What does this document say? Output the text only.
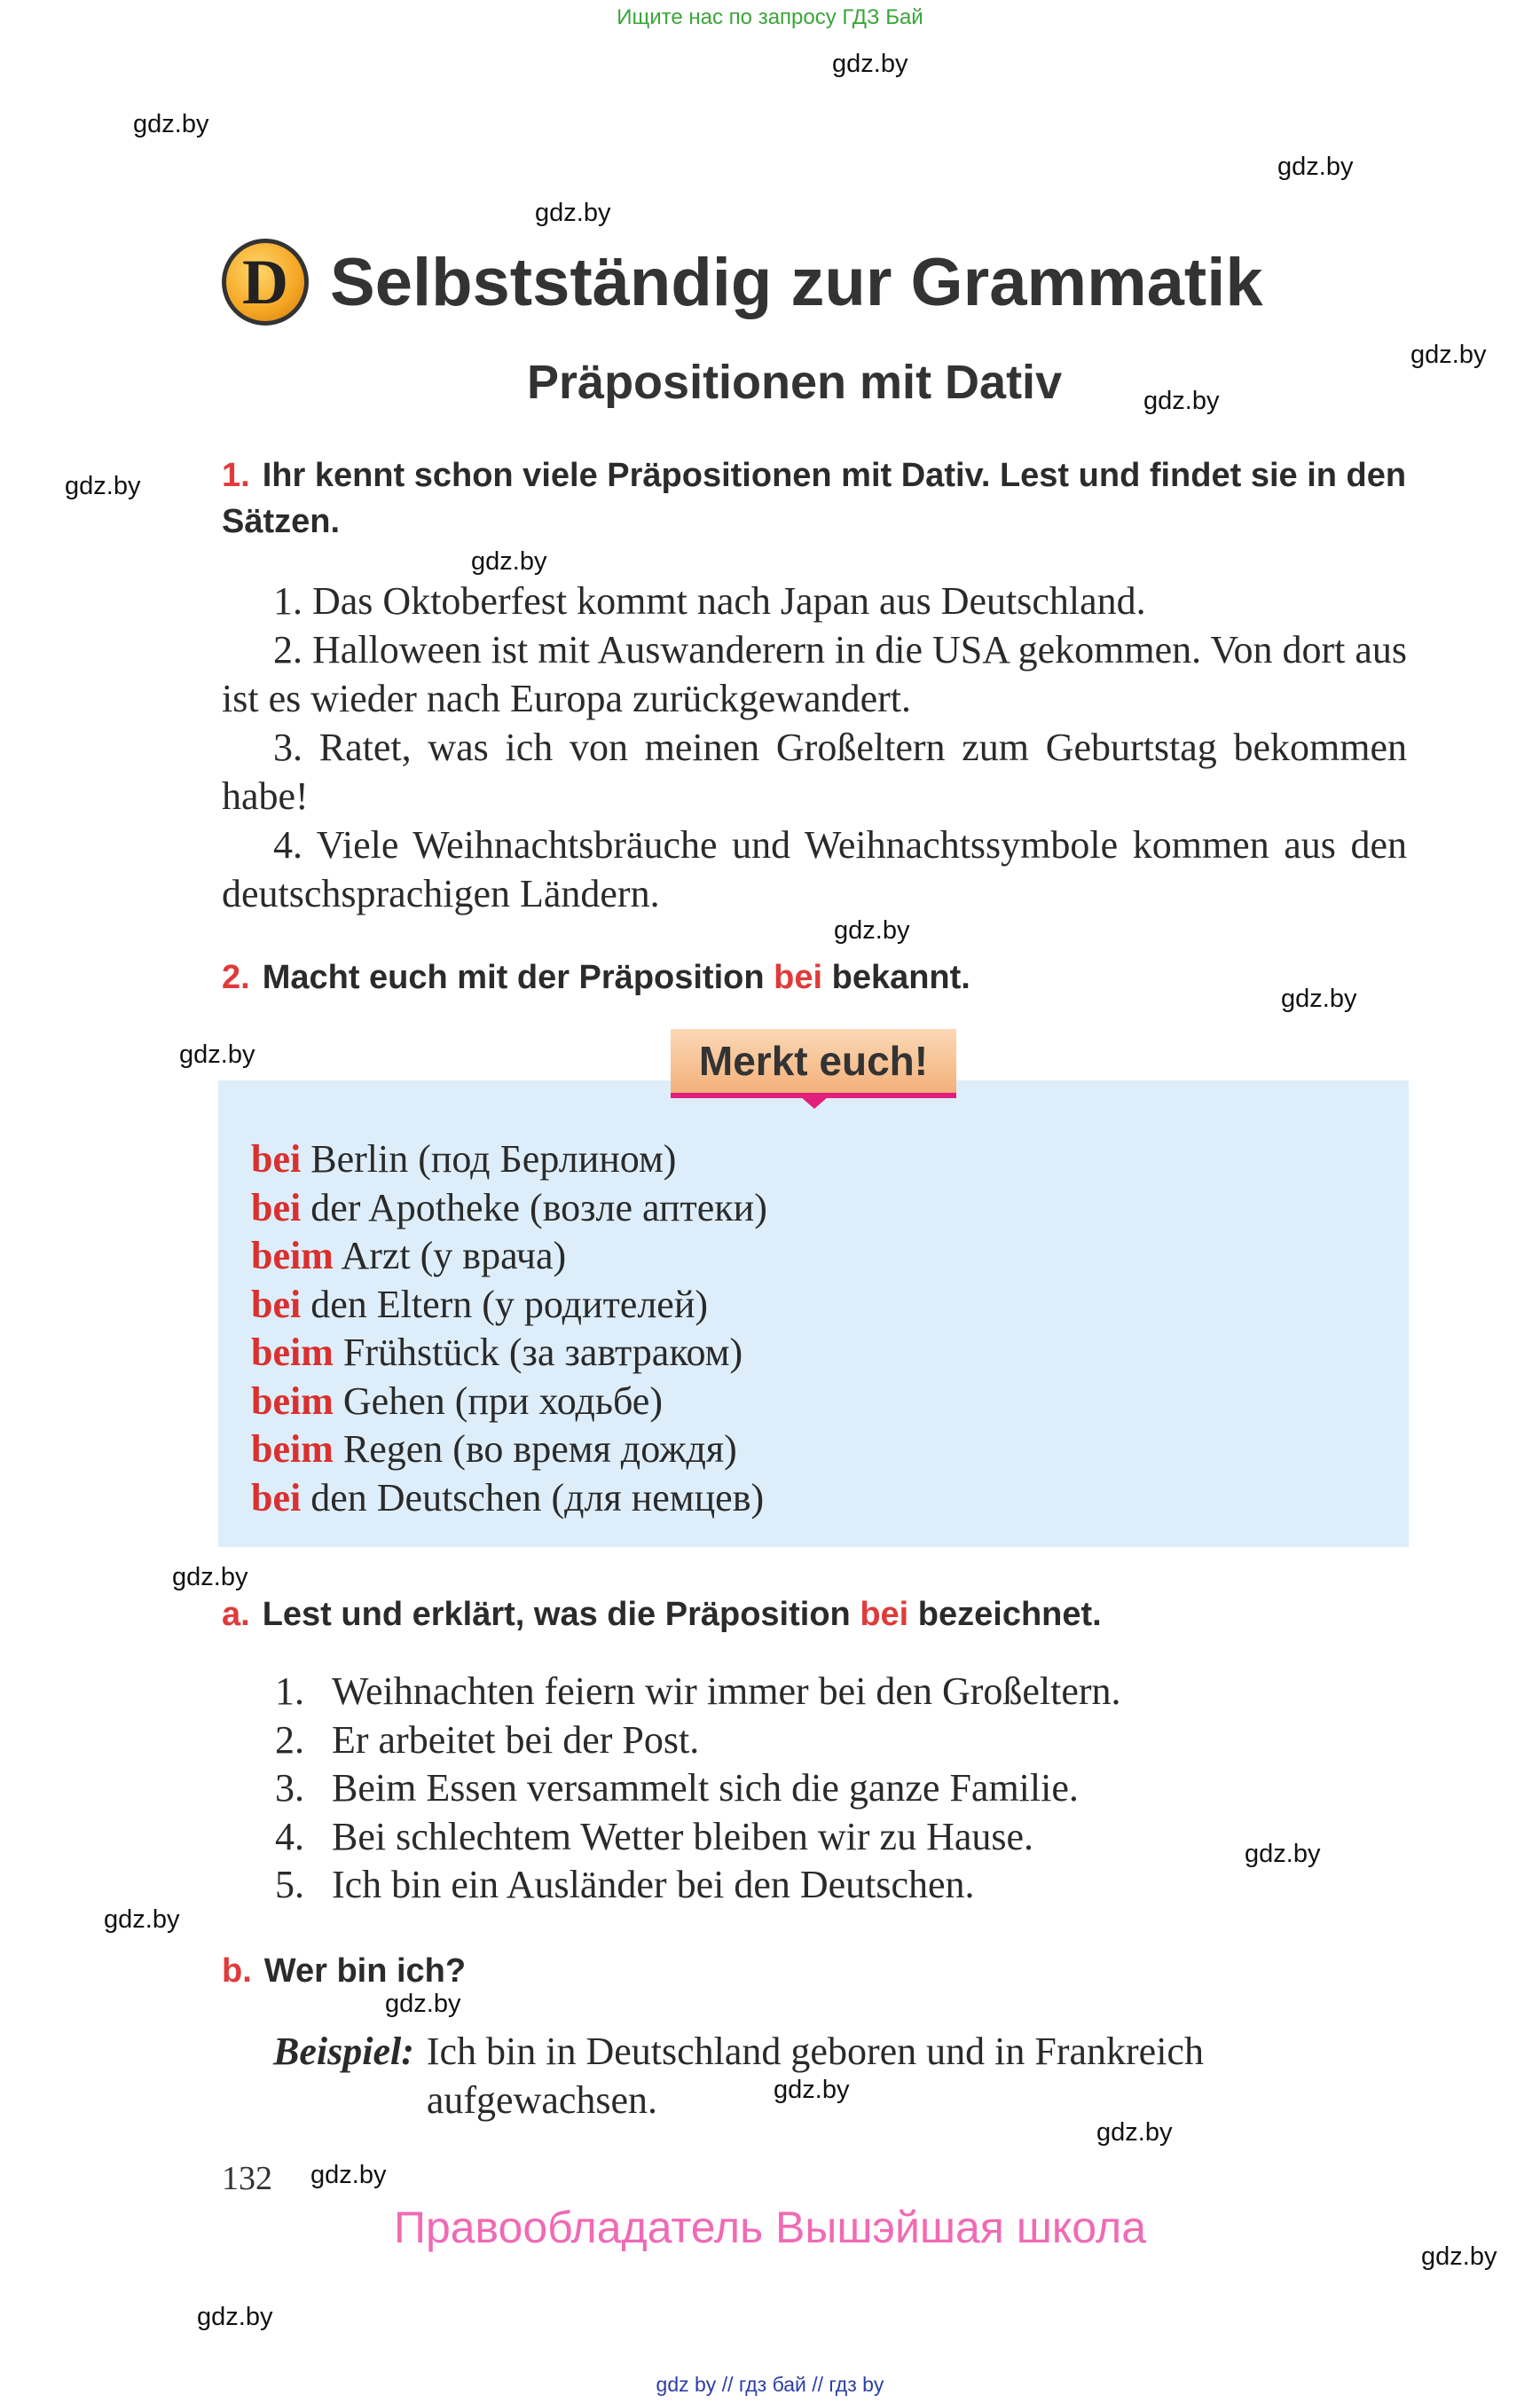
Ищите нас по запросу ГДЗ Бай
gdz.by
gdz.by
gdz.by
gdz.by
gdz.by
gdz.by
gdz.by
gdz.by
gdz.by
gdz.by
gdz.by
gdz.by
gdz.by
gdz.by
gdz.by
gdz.by
gdz.by
gdz.by
gdz.by
gdz.by
D Selbstständig zur Grammatik
Präpositionen mit Dativ
1. Ihr kennt schon viele Präpositionen mit Dativ. Lest und findet sie in den Sätzen.
1. Das Oktoberfest kommt nach Japan aus Deutschland.
2. Halloween ist mit Auswanderern in die USA gekommen. Von dort aus ist es wieder nach Europa zurückgewandert.
3. Ratet, was ich von meinen Großeltern zum Geburtstag bekommen habe!
4. Viele Weihnachtsbräuche und Weihnachtssymbole kommen aus den deutschsprachigen Ländern.
2. Macht euch mit der Präposition bei bekannt.
Merkt euch!
bei Berlin (под Берлином)
bei der Apotheke (возле аптеки)
beim Arzt (у врача)
bei den Eltern (у родителей)
beim Frühstück (за завтраком)
beim Gehen (при ходьбе)
beim Regen (во время дождя)
bei den Deutschen (для немцев)
a. Lest und erklärt, was die Präposition bei bezeichnet.
1. Weihnachten feiern wir immer bei den Großeltern.
2. Er arbeitet bei der Post.
3. Beim Essen versammelt sich die ganze Familie.
4. Bei schlechtem Wetter bleiben wir zu Hause.
5. Ich bin ein Ausländer bei den Deutschen.
b. Wer bin ich?
Beispiel: Ich bin in Deutschland geboren und in Frankreich aufgewachsen.
132
Правообладатель Вышэйшая школа
gdz by // гдз бай // гдз by
